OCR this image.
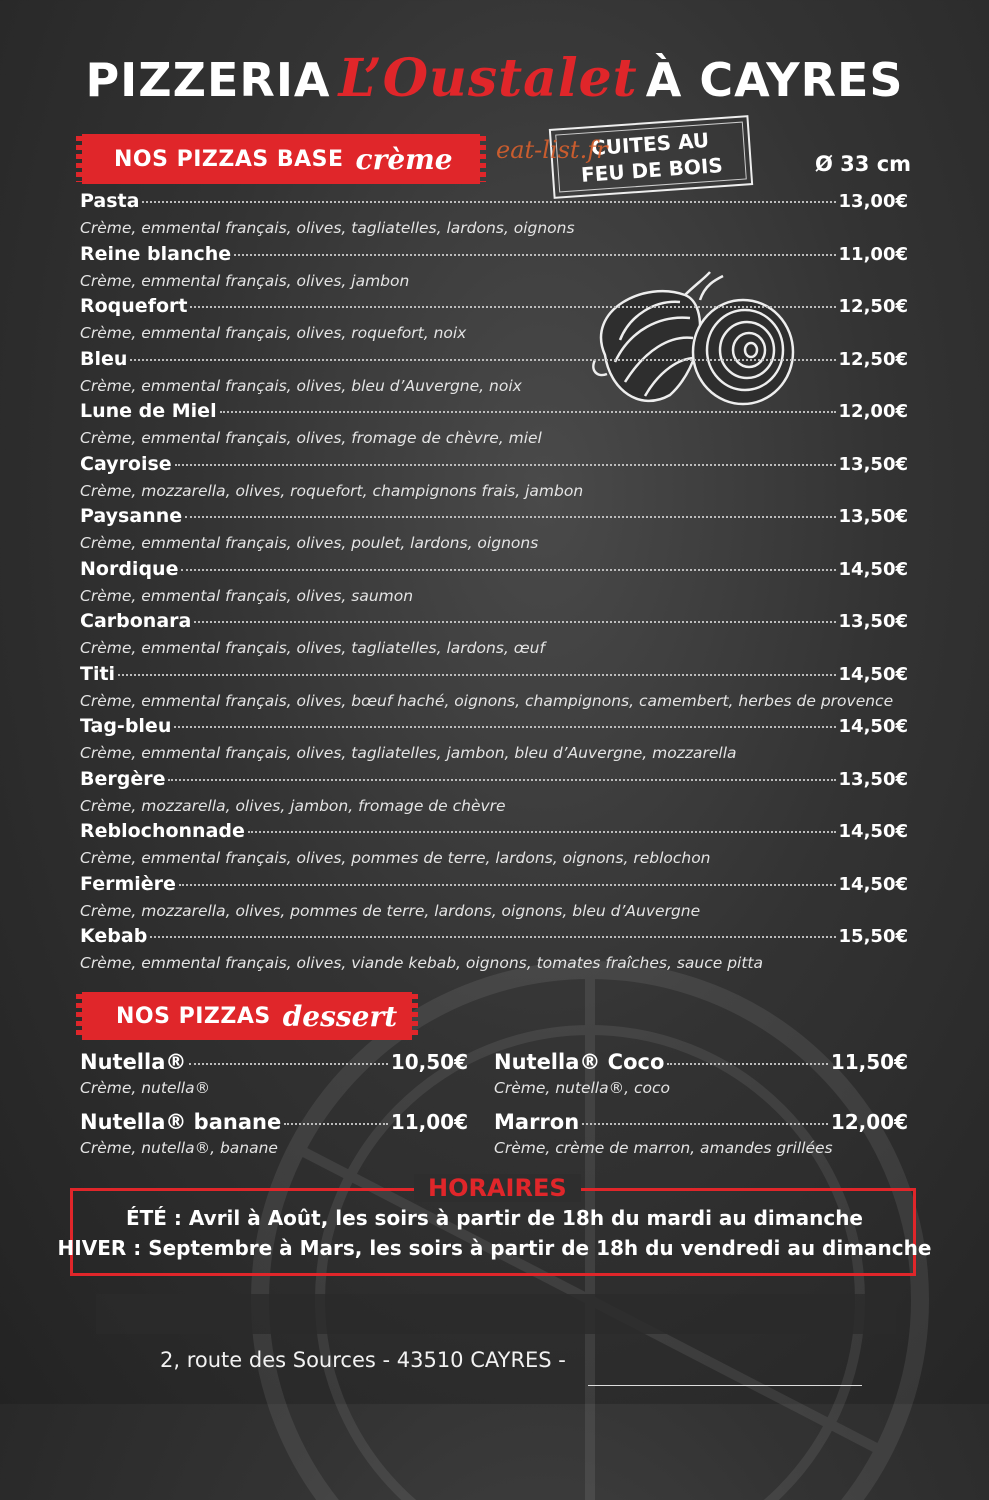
PIZZERIA L’Oustalet À CAYRES
NOS PIZZAS BASE crème	CUITES AU
FEU DE BOIS
eat-list.fr	Ø 33 cm
Pasta	13,00€
Crème, emmental français, olives, tagliatelles, lardons, oignons
Reine blanche	11,00€
Crème, emmental français, olives, jambon
Roquefort	12,50€
Crème, emmental français, olives, roquefort, noix
Bleu	12,50€
Crème, emmental français, olives, bleu d’Auvergne, noix
Lune de Miel	12,00€
Crème, emmental français, olives, fromage de chèvre, miel
Cayroise	13,50€
Crème, mozzarella, olives, roquefort, champignons frais, jambon
Paysanne	13,50€
Crème, emmental français, olives, poulet, lardons, oignons
Nordique	14,50€
Crème, emmental français, olives, saumon
Carbonara	13,50€
Crème, emmental français, olives, tagliatelles, lardons, œuf
Titi	14,50€
Crème, emmental français, olives, bœuf haché, oignons, champignons, camembert, herbes de provence
Tag-bleu	14,50€
Crème, emmental français, olives, tagliatelles, jambon, bleu d’Auvergne, mozzarella
Bergère	13,50€
Crème, mozzarella, olives, jambon, fromage de chèvre
Reblochonnade	14,50€
Crème, emmental français, olives, pommes de terre, lardons, oignons, reblochon
Fermière	14,50€
Crème, mozzarella, olives, pommes de terre, lardons, oignons, bleu d’Auvergne
Kebab	15,50€
Crème, emmental français, olives, viande kebab, oignons, tomates fraîches, sauce pitta
NOS PIZZAS dessert
Nutella®	10,50€
Crème, nutella®
Nutella® Coco	11,50€
Crème, nutella®, coco
Nutella® banane	11,00€
Crème, nutella®, banane
Marron	12,00€
Crème, crème de marron, amandes grillées
HORAIRES
ÉTÉ : Avril à Août, les soirs à partir de 18h du mardi au dimanche
HIVER : Septembre à Mars, les soirs à partir de 18h du vendredi au dimanche
2, route des Sources - 43510 CAYRES -
